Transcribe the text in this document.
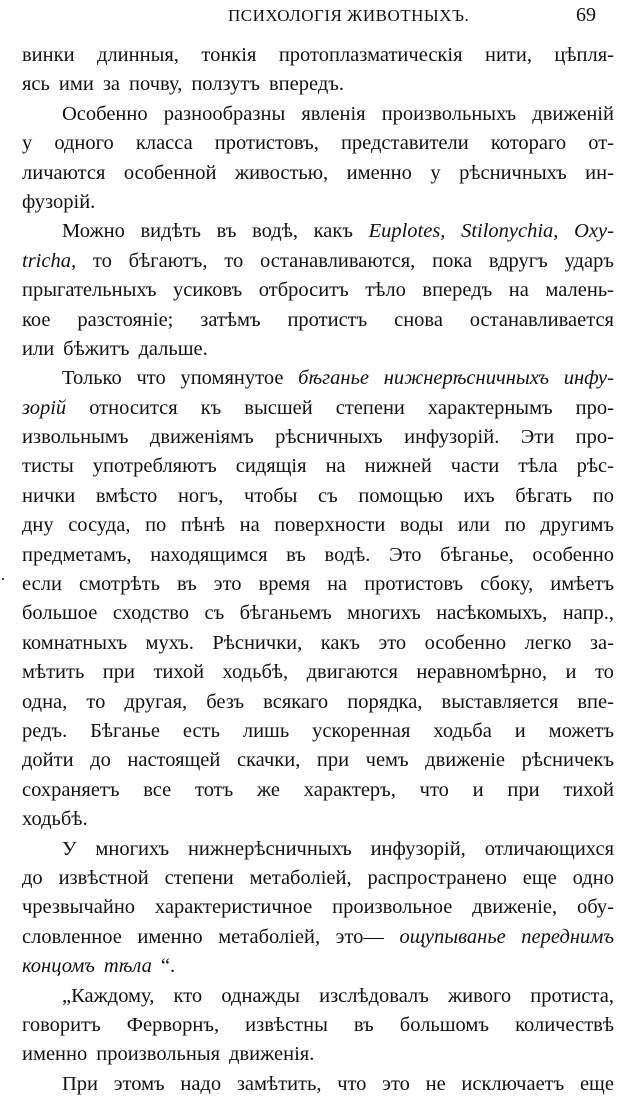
ПСИХОЛОГІЯ ЖИВОТНЫХЪ.	69
винки длинныя, тонкія протоплазматическія нити, цѣпля-
ясь ими за почву, ползутъ впередъ.
Особенно разнообразны явленія произвольныхъ движеній
у одного класса протистовъ, представители котораго от-
личаются особенной живостью, именно у рѣсничныхъ ин-
фузорій.
Можно видѣть въ водѣ, какъ Euplotes, Stilonychia, Oxy-
tricha, то бѣгаютъ, то останавливаются, пока вдругъ ударъ
прыгательныхъ усиковъ отброситъ тѣло впередъ на малень-
кое разстояніе; затѣмъ протистъ снова останавливается
или бѣжитъ дальше.
Только что упомянутое бѣганье нижнерѣсничныхъ инфу-
зорій относится къ высшей степени характернымъ про-
извольнымъ движеніямъ рѣсничныхъ инфузорій. Эти про-
тисты употребляютъ сидящія на нижней части тѣла рѣс-
нички вмѣсто ногъ, чтобы съ помощью ихъ бѣгать по
дну сосуда, по пѣнѣ на поверхности воды или по другимъ
предметамъ, находящимся въ водѣ. Это бѣганье, особенно
если смотрѣть въ это время на протистовъ сбоку, имѣетъ
большое сходство съ бѣганьемъ многихъ насѣкомыхъ, напр.,
комнатныхъ мухъ. Рѣснички, какъ это особенно легко за-
мѣтить при тихой ходьбѣ, двигаются неравномѣрно, и то
одна, то другая, безъ всякаго порядка, выставляется впе-
редъ. Бѣганье есть лишь ускоренная ходьба и можетъ
дойти до настоящей скачки, при чемъ движеніе рѣсничекъ
сохраняетъ все тотъ же характеръ, что и при тихой
ходьбѣ.
У многихъ нижнерѣсничныхъ инфузорій, отличающихся
до извѣстной степени метаболіей, распространено еще одно
чрезвычайно характеристичное произвольное движеніе, обу-
словленное именно метаболіей, это— ощупыванье переднимъ
концомъ тѣла “.
„Каждому, кто однажды изслѣдовалъ живого протиста,
говоритъ Ферворнъ, извѣстны въ большомъ количествѣ
именно произвольныя движенія.
При этомъ надо замѣтить, что это не исключаетъ еще
